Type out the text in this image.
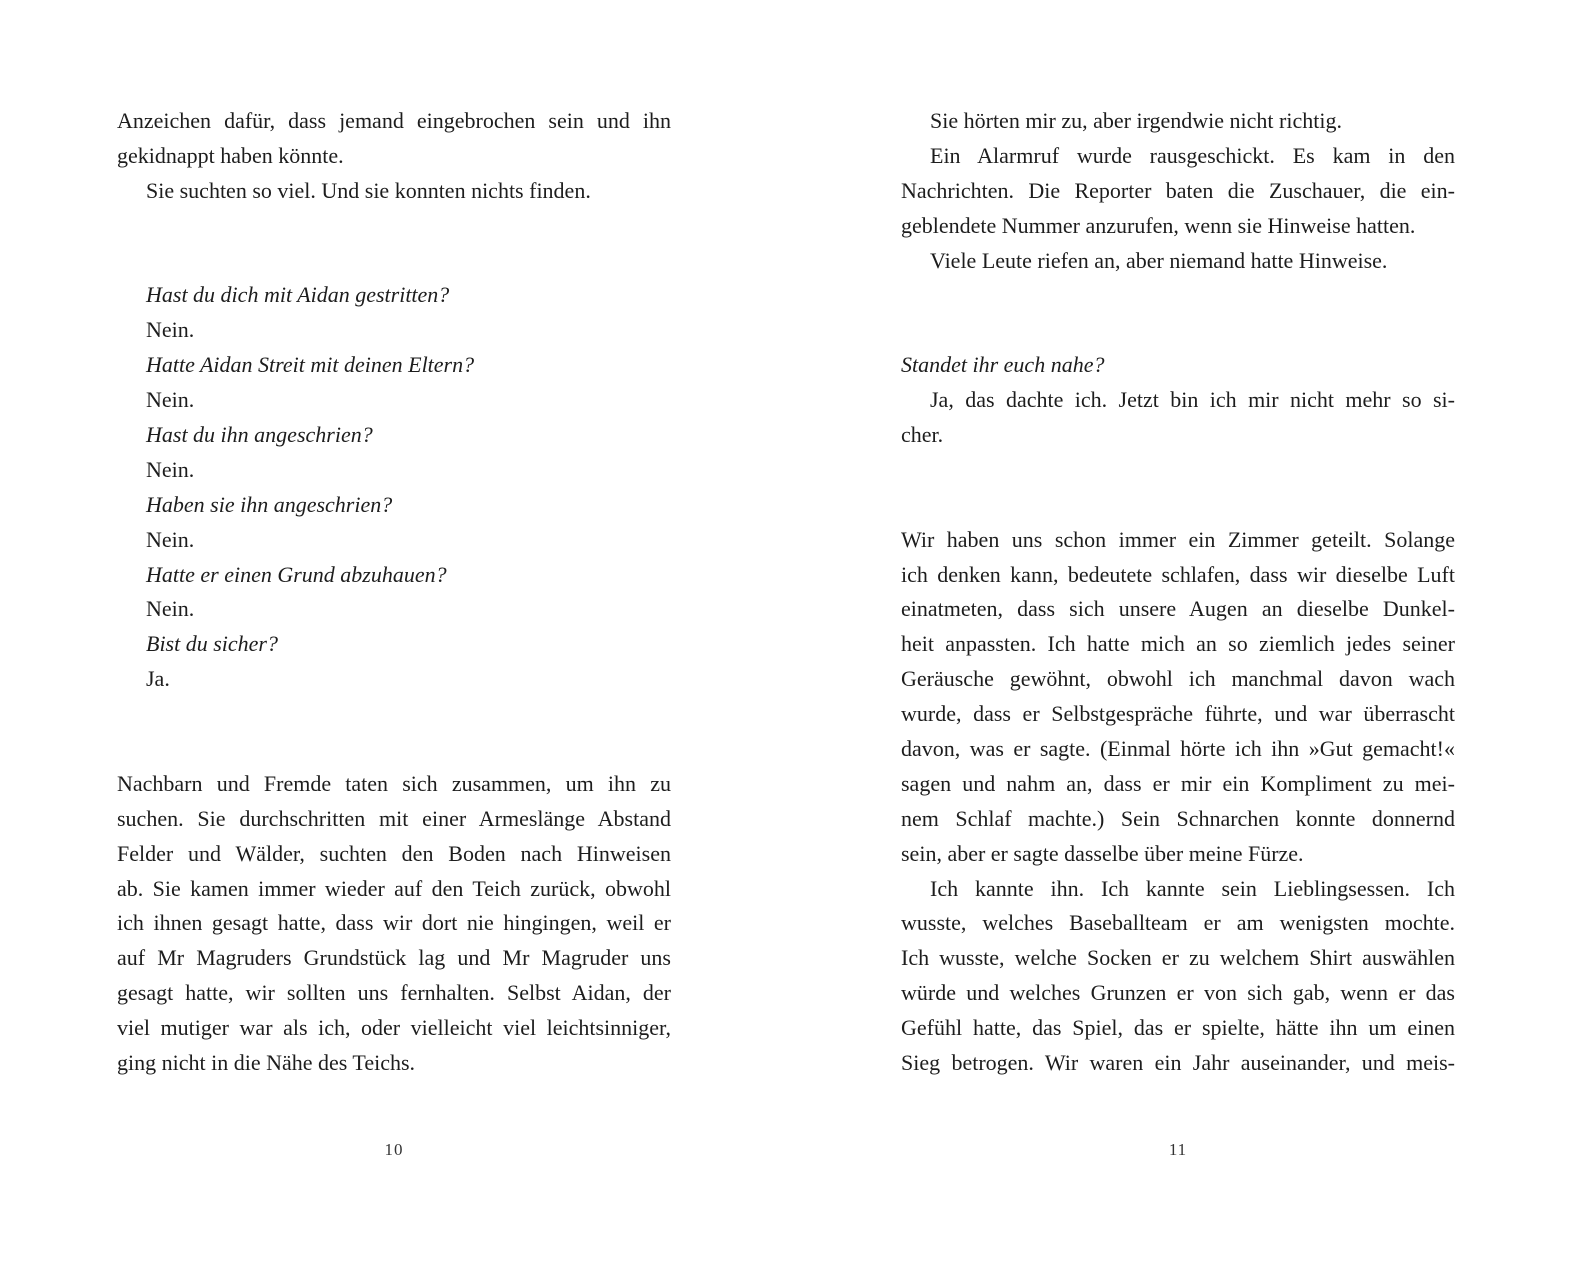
Anzeichen dafür, dass jemand eingebrochen sein und ihn
gekidnappt haben könnte.
Sie suchten so viel. Und sie konnten nichts finden.
Hast du dich mit Aidan gestritten?
Nein.
Hatte Aidan Streit mit deinen Eltern?
Nein.
Hast du ihn angeschrien?
Nein.
Haben sie ihn angeschrien?
Nein.
Hatte er einen Grund abzuhauen?
Nein.
Bist du sicher?
Ja.
Nachbarn und Fremde taten sich zusammen, um ihn zu
suchen. Sie durchschritten mit einer Armeslänge Abstand
Felder und Wälder, suchten den Boden nach Hinweisen
ab. Sie kamen immer wieder auf den Teich zurück, obwohl
ich ihnen gesagt hatte, dass wir dort nie hingingen, weil er
auf Mr Magruders Grundstück lag und Mr Magruder uns
gesagt hatte, wir sollten uns fernhalten. Selbst Aidan, der
viel mutiger war als ich, oder vielleicht viel leichtsinniger,
ging nicht in die Nähe des Teichs.
Sie hörten mir zu, aber irgendwie nicht richtig.
Ein Alarmruf wurde rausgeschickt. Es kam in den
Nachrichten. Die Reporter baten die Zuschauer, die ein-
geblendete Nummer anzurufen, wenn sie Hinweise hatten.
Viele Leute riefen an, aber niemand hatte Hinweise.
Standet ihr euch nahe?
Ja, das dachte ich. Jetzt bin ich mir nicht mehr so si-
cher.
Wir haben uns schon immer ein Zimmer geteilt. Solange
ich denken kann, bedeutete schlafen, dass wir dieselbe Luft
einatmeten, dass sich unsere Augen an dieselbe Dunkel-
heit anpassten. Ich hatte mich an so ziemlich jedes seiner
Geräusche gewöhnt, obwohl ich manchmal davon wach
wurde, dass er Selbstgespräche führte, und war überrascht
davon, was er sagte. (Einmal hörte ich ihn »Gut gemacht!«
sagen und nahm an, dass er mir ein Kompliment zu mei-
nem Schlaf machte.) Sein Schnarchen konnte donnernd
sein, aber er sagte dasselbe über meine Fürze.
Ich kannte ihn. Ich kannte sein Lieblingsessen. Ich
wusste, welches Baseballteam er am wenigsten mochte.
Ich wusste, welche Socken er zu welchem Shirt auswählen
würde und welches Grunzen er von sich gab, wenn er das
Gefühl hatte, das Spiel, das er spielte, hätte ihn um einen
Sieg betrogen. Wir waren ein Jahr auseinander, und meis-
10	11
